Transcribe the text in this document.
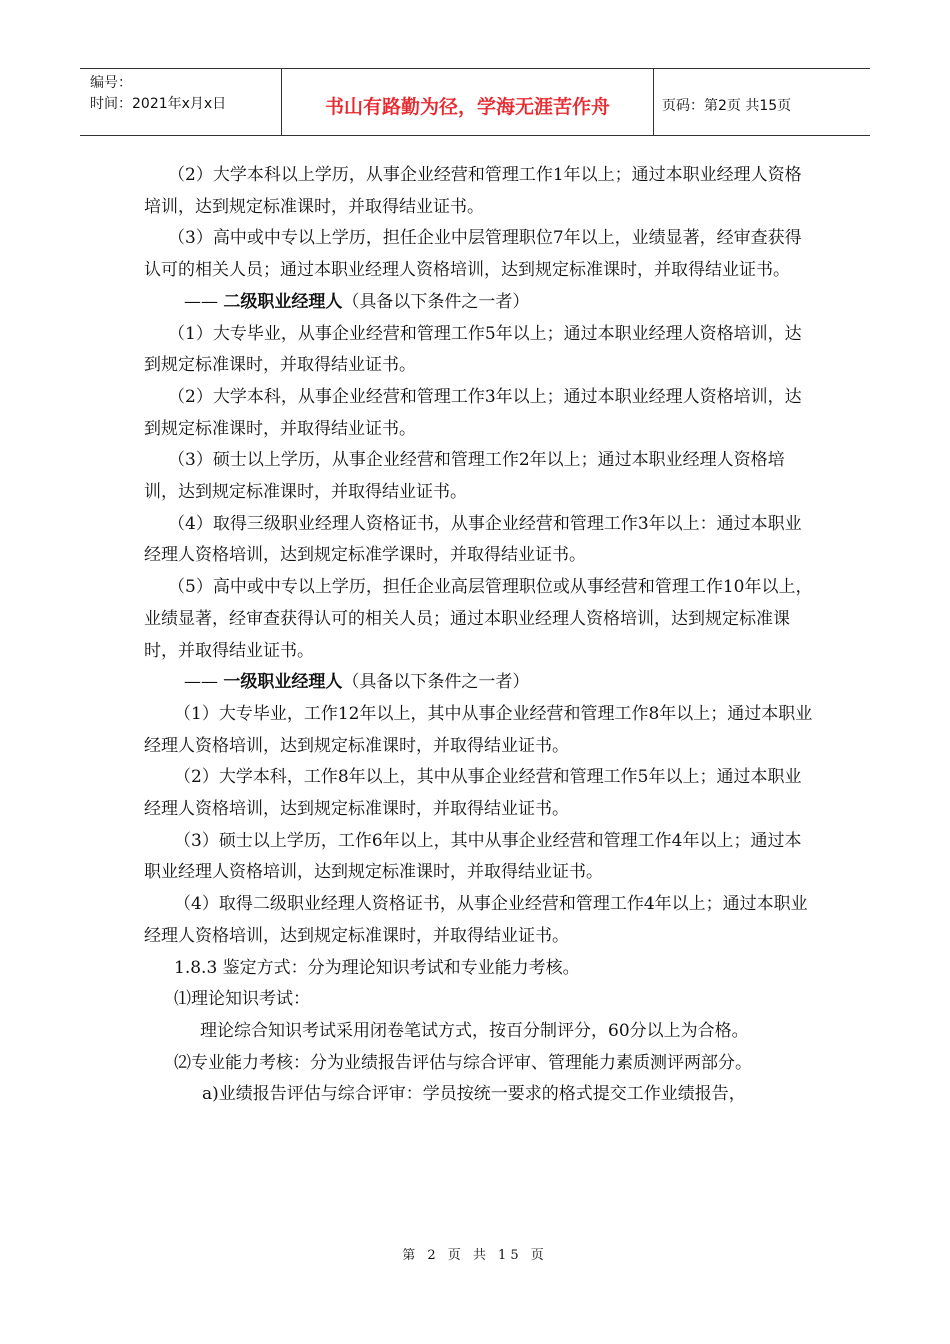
编号：
时间：2021年x月x日	书山有路勤为径，学海无涯苦作舟	页码：第2页 共15页

（2）大学本科以上学历，从事企业经营和管理工作1年以上；通过本职业经理人资格培训，达到规定标准课时，并取得结业证书。

（3）高中或中专以上学历，担任企业中层管理职位7年以上，业绩显著，经审查获得认可的相关人员；通过本职业经理人资格培训，达到规定标准课时，并取得结业证书。

—— 二级职业经理人（具备以下条件之一者）

（1）大专毕业，从事企业经营和管理工作5年以上；通过本职业经理人资格培训，达到规定标准课时，并取得结业证书。

（2）大学本科，从事企业经营和管理工作3年以上；通过本职业经理人资格培训，达到规定标准课时，并取得结业证书。

（3）硕士以上学历，从事企业经营和管理工作2年以上；通过本职业经理人资格培训，达到规定标准课时，并取得结业证书。

（4）取得三级职业经理人资格证书，从事企业经营和管理工作3年以上：通过本职业经理人资格培训，达到规定标准学课时，并取得结业证书。

（5）高中或中专以上学历，担任企业高层管理职位或从事经营和管理工作10年以上，业绩显著，经审查获得认可的相关人员；通过本职业经理人资格培训，达到规定标准课时，并取得结业证书。

—— 一级职业经理人（具备以下条件之一者）

（1）大专毕业，工作12年以上，其中从事企业经营和管理工作8年以上；通过本职业经理人资格培训，达到规定标准课时，并取得结业证书。

（2）大学本科，工作8年以上，其中从事企业经营和管理工作5年以上；通过本职业经理人资格培训，达到规定标准课时，并取得结业证书。

（3）硕士以上学历，工作6年以上，其中从事企业经营和管理工作4年以上；通过本职业经理人资格培训，达到规定标准课时，并取得结业证书。

（4）取得二级职业经理人资格证书，从事企业经营和管理工作4年以上；通过本职业经理人资格培训，达到规定标准课时，并取得结业证书。

1.8.3 鉴定方式：分为理论知识考试和专业能力考核。

⑴理论知识考试：

理论综合知识考试采用闭卷笔试方式，按百分制评分，60分以上为合格。

⑵专业能力考核：分为业绩报告评估与综合评审、管理能力素质测评两部分。

a)业绩报告评估与综合评审：学员按统一要求的格式提交工作业绩报告，

第 2 页 共 15 页
